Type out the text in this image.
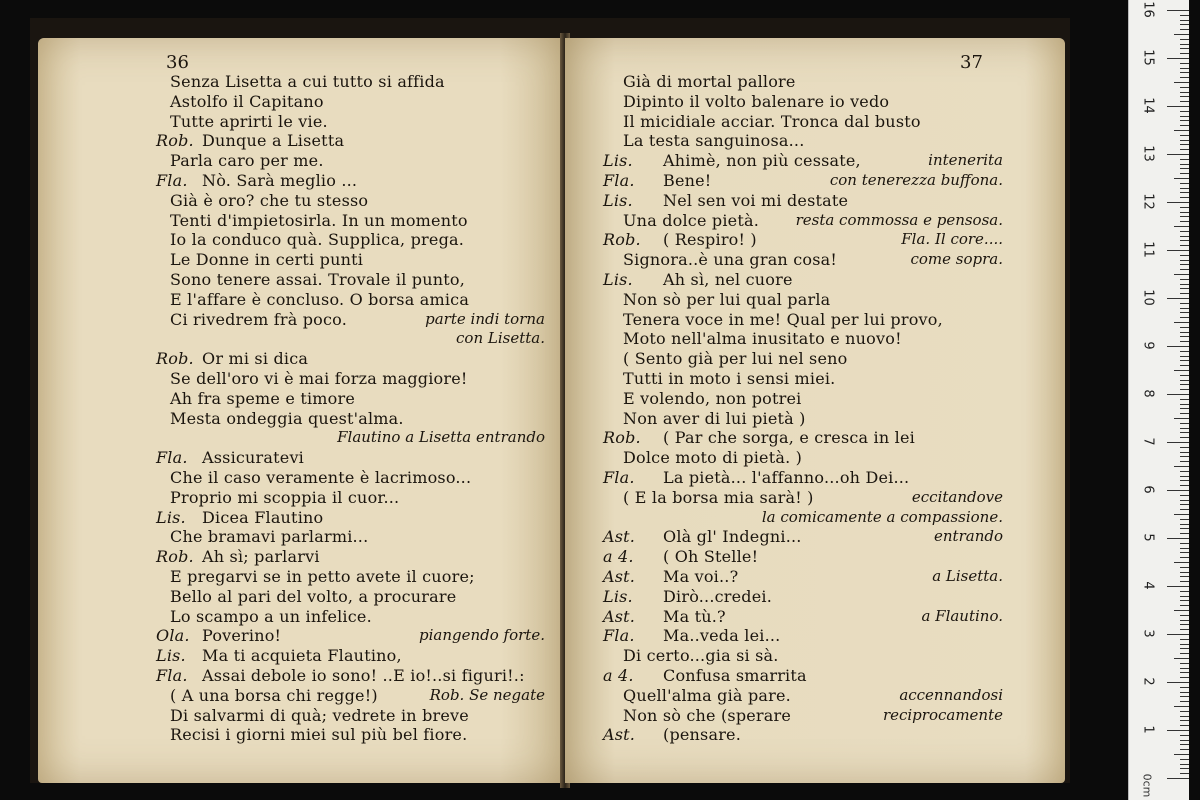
36
Senza Lisetta a cui tutto si affida
Astolfo il Capitano
Tutte aprirti le vie.
Rob. Dunque a Lisetta
Parla caro per me.
Fla. Nò. Sarà meglio ...
Già è oro? che tu stesso
Tenti d'impietosirla. In un momento
Io la conduco quà. Supplica, prega.
Le Donne in certi punti
Sono tenere assai. Trovale il punto,
E l'affare è concluso. O borsa amica
Ci rivedrem frà poco.	parte indi torna
con Lisetta.
Rob. Or mi si dica
Se dell'oro vi è mai forza maggiore!
Ah fra speme e timore
Mesta ondeggia quest'alma.
Flautino a Lisetta entrando
Fla. Assicuratevi
Che il caso veramente è lacrimoso...
Proprio mi scoppia il cuor...
Lis. Dicea Flautino
Che bramavi parlarmi...
Rob. Ah sì; parlarvi
E pregarvi se in petto avete il cuore;
Bello al pari del volto, a procurare
Lo scampo a un infelice.
Ola. Poverino!	piangendo forte.
Lis. Ma ti acquieta Flautino,
Fla. Assai debole io sono! ..E io!..si figuri!.:
( A una borsa chi regge!)	Rob. Se negate
Di salvarmi di quà; vedrete in breve
Recisi i giorni miei sul più bel fiore.
37
Già di mortal pallore
Dipinto il volto balenare io vedo
Il micidiale acciar. Tronca dal busto
La testa sanguinosa...
Lis. Ahimè, non più cessate,	intenerita
Fla. Bene!	con tenerezza buffona.
Lis. Nel sen voi mi destate
Una dolce pietà. resta commossa e pensosa.
Rob. ( Respiro! )	Fla. Il core....
Signora..è una gran cosa!	come sopra.
Lis. Ah sì, nel cuore
Non sò per lui qual parla
Tenera voce in me! Qual per lui provo,
Moto nell'alma inusitato e nuovo!
( Sento già per lui nel seno
Tutti in moto i sensi miei.
E volendo, non potrei
Non aver di lui pietà )
Rob. ( Par che sorga, e cresca in lei
Dolce moto di pietà. )
Fla. La pietà... l'affanno...oh Dei...
( E la borsa mia sarà! )	eccitandove
la comicamente a compassione.
Ast. Olà gl' Indegni...	entrando
a 4. ( Oh Stelle!
Ast. Ma voi..?	a Lisetta.
Lis. Dirò...credei.
Ast. Ma tù.?	a Flautino.
Fla. Ma..veda lei...
Di certo...gia si sà.
a 4. Confusa smarrita
Quell'alma già pare.	accennandosi
Non sò che (sperare	reciprocamente
Ast. (pensare.	1
2
3
4
5
6
7
8
9
10
11
12
13
14
15
16
0cm
